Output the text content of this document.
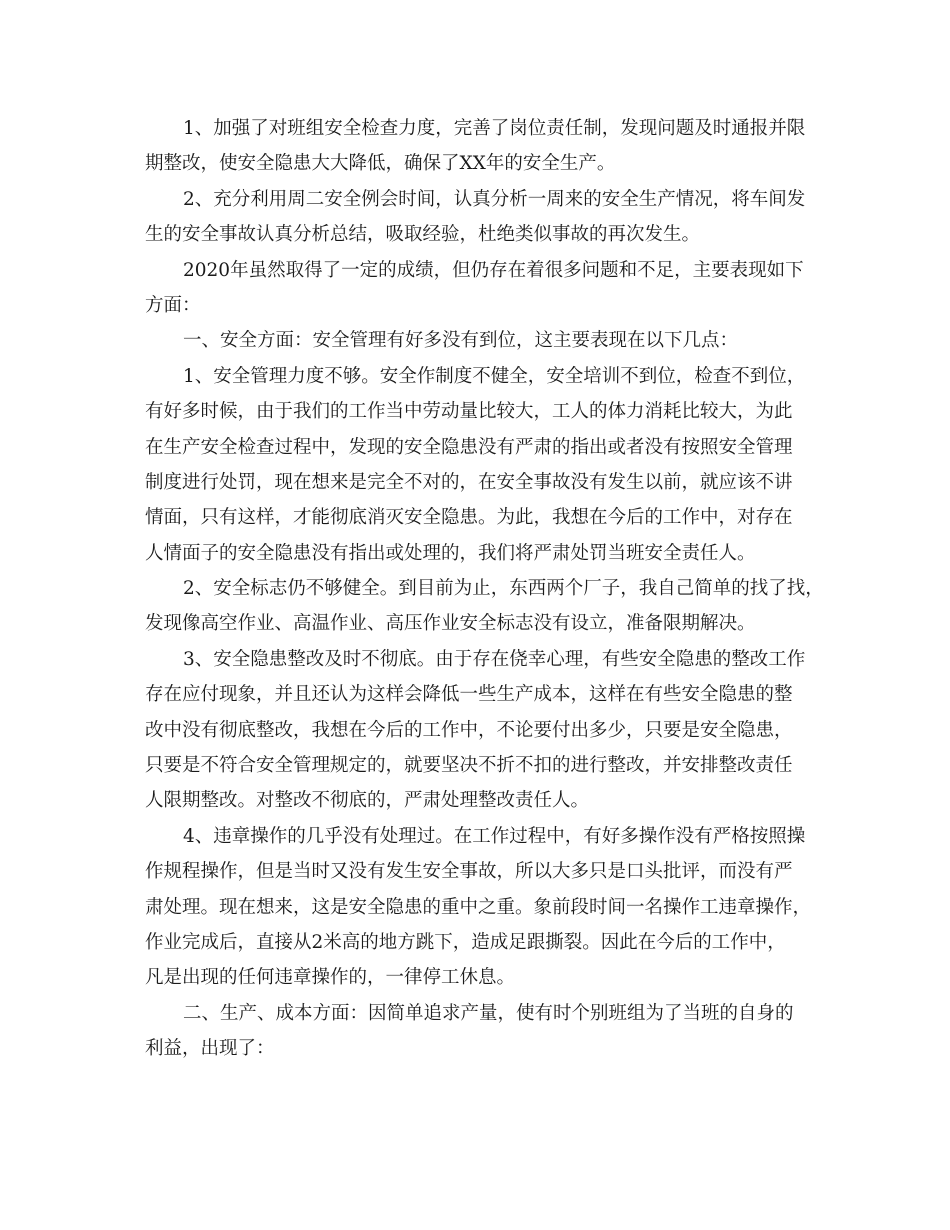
1、加强了对班组安全检查力度，完善了岗位责任制，发现问题及时通报并限
期整改，使安全隐患大大降低，确保了XX年的安全生产。
2、充分利用周二安全例会时间，认真分析一周来的安全生产情况，将车间发
生的安全事故认真分析总结，吸取经验，杜绝类似事故的再次发生。
2020年虽然取得了一定的成绩，但仍存在着很多问题和不足，主要表现如下
方面：
一、安全方面：安全管理有好多没有到位，这主要表现在以下几点：
1、安全管理力度不够。安全作制度不健全，安全培训不到位，检查不到位，
有好多时候，由于我们的工作当中劳动量比较大，工人的体力消耗比较大，为此
在生产安全检查过程中，发现的安全隐患没有严肃的指出或者没有按照安全管理
制度进行处罚，现在想来是完全不对的，在安全事故没有发生以前，就应该不讲
情面，只有这样，才能彻底消灭安全隐患。为此，我想在今后的工作中，对存在
人情面子的安全隐患没有指出或处理的，我们将严肃处罚当班安全责任人。
2、安全标志仍不够健全。到目前为止，东西两个厂子，我自己简单的找了找，
发现像高空作业、高温作业、高压作业安全标志没有设立，准备限期解决。
3、安全隐患整改及时不彻底。由于存在侥幸心理，有些安全隐患的整改工作
存在应付现象，并且还认为这样会降低一些生产成本，这样在有些安全隐患的整
改中没有彻底整改，我想在今后的工作中，不论要付出多少，只要是安全隐患，
只要是不符合安全管理规定的，就要坚决不折不扣的进行整改，并安排整改责任
人限期整改。对整改不彻底的，严肃处理整改责任人。
4、违章操作的几乎没有处理过。在工作过程中，有好多操作没有严格按照操
作规程操作，但是当时又没有发生安全事故，所以大多只是口头批评，而没有严
肃处理。现在想来，这是安全隐患的重中之重。象前段时间一名操作工违章操作，
作业完成后，直接从2米高的地方跳下，造成足跟撕裂。因此在今后的工作中，
凡是出现的任何违章操作的，一律停工休息。
二、生产、成本方面：因简单追求产量，使有时个别班组为了当班的自身的
利益，出现了：
